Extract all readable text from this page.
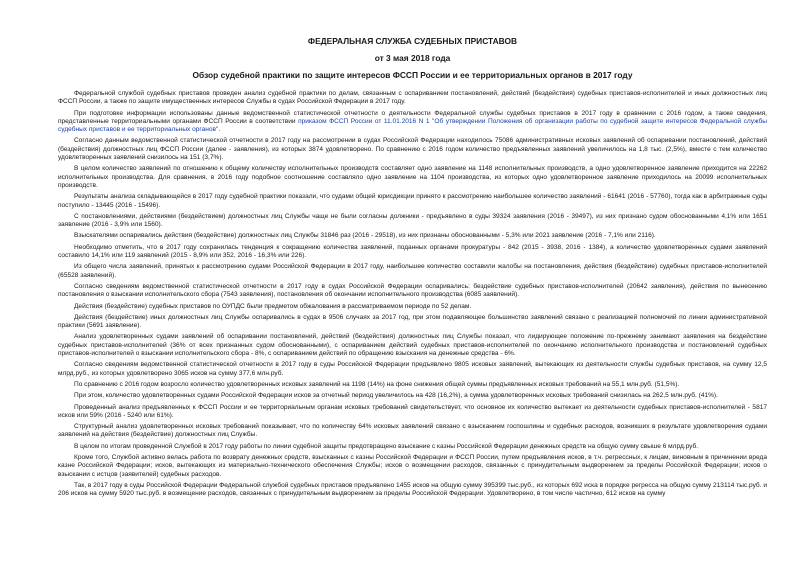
ФЕДЕРАЛЬНАЯ СЛУЖБА СУДЕБНЫХ ПРИСТАВОВ
от 3 мая 2018 года
Обзор судебной практики по защите интересов ФССП России и ее территориальных органов в 2017 году

Федеральной службой судебных приставов проведен анализ судебной практики по делам, связанным с оспариванием постановлений, действий (бездействия) судебных приставов-исполнителей и иных должностных лиц ФССП России, а также по защите имущественных интересов Службы в судах Российской Федерации в 2017 году.

При подготовке информации использованы данные ведомственной статистической отчетности о деятельности Федеральной службы судебных приставов в 2017 году в сравнении с 2016 годом, а также сведения, представленные территориальными органами ФССП России в соответствии приказом ФССП России от 11.01.2016 N 1 "Об утверждении Положения об организации работы по судебной защите интересов Федеральной службы судебных приставов и ее территориальных органов".

Согласно данным ведомственной статистической отчетности в 2017 году на рассмотрении в судах Российской Федерации находилось 75086 административных исковых заявлений об оспаривании постановлений, действий (бездействия) должностных лиц ФССП России (далее - заявления), из которых 3874 удовлетворено. По сравнению с 2016 годом количество предъявленных заявлений увеличилось на 1,8 тыс. (2,5%), вместе с тем количество удовлетворенных заявлений снизилось на 151 (3,7%).

В целом количество заявлений по отношению к общему количеству исполнительных производств составляет одно заявление на 1148 исполнительных производств, а одно удовлетворенное заявление приходится на 22262 исполнительных производства. Для сравнения, в 2016 году подобное соотношение составляло одно заявление на 1104 производства, из которых одно удовлетворенное заявление приходилось на 20099 исполнительных производств.

Результаты анализа складывающейся в 2017 году судебной практики показали, что судами общей юрисдикции принято к рассмотрению наибольшее количество заявлений - 61641 (2016 - 57760), тогда как в арбитражные суды поступило - 13445 (2016 - 15496).

С постановлениями, действиями (бездействием) должностных лиц Службы чаще не были согласны должники - предъявлено в суды 39324 заявления (2016 - 39497), из них признано судом обоснованными 4,1% или 1651 заявление (2016 - 3,9% или 1560).

Взыскателями оспаривались действия (бездействие) должностных лиц Службы 31846 раз (2016 - 29518), из них признаны обоснованными - 5,3% или 2021 заявление (2016 - 7,1% или 2116).

Необходимо отметить, что в 2017 году сохранилась тенденция к сокращению количества заявлений, поданных органами прокуратуры - 842 (2015 - 3938, 2016 - 1384), а количество удовлетворенных судами заявлений составило 14,1% или 119 заявлений (2015 - 8,9% или 352, 2016 - 16,3% или 226).

Из общего числа заявлений, принятых к рассмотрению судами Российской Федерации в 2017 году, наибольшее количество составили жалобы на постановления, действия (бездействие) судебных приставов-исполнителей (65528 заявлений).

Согласно сведениям ведомственной статистической отчетности в 2017 году в судах Российской Федерации оспаривались: бездействие судебных приставов-исполнителей (20642 заявления), действия по вынесению постановления о взыскании исполнительского сбора (7543 заявления), постановления об окончании исполнительного производства (6085 заявлений).

Действия (бездействие) судебных приставов по ОУПДС были предметом обжалования в рассматриваемом периоде по 52 делам.

Действия (бездействие) иных должностных лиц Службы оспаривались в судах в 9506 случаях за 2017 год, при этом подавляющее большинство заявлений связано с реализацией полномочий по линии административной практики (5691 заявление).

Анализ удовлетворенных судами заявлений об оспаривании постановлений, действий (бездействия) должностных лиц Службы показал, что лидирующее положение по-прежнему занимают заявления на бездействие судебных приставов-исполнителей (36% от всех признанных судом обоснованными), с оспариванием действий судебных приставов-исполнителей по окончанию исполнительного производства и постановлений судебных приставов-исполнителей о взыскании исполнительского сбора - 8%, с оспариванием действий по обращению взыскания на денежные средства - 6%.

Согласно сведениям ведомственной статистической отчетности в 2017 году в суды Российской Федерации предъявлено 9805 исковых заявлений, вытекающих из деятельности службы судебных приставов, на сумму 12,5 млрд.руб., из которых удовлетворено 3065 исков на сумму 377,6 млн.руб.

По сравнению с 2016 годом возросло количество удовлетворенных исковых заявлений на 1198 (14%) на фоне снижения общей суммы предъявленных исковых требований на 55,1 млн.руб. (51,5%).

При этом, количество удовлетворенных судами Российской Федерации исков за отчетный период увеличилось на 428 (16,2%), а сумма удовлетворенных исковых требований снизилась на 262,5 млн.руб. (41%).

Проведенный анализ предъявленных к ФССП России и ее территориальным органам исковых требований свидетельствует, что основное их количество вытекает из деятельности судебных приставов-исполнителей - 5817 исков или 59% (2016 - 5240 или 61%).

Структурный анализ удовлетворенных исковых требований показывает, что по количеству 64% исковых заявлений связано с взысканием госпошлины и судебных расходов, возникших в результате удовлетворения судами заявлений на действия (бездействие) должностных лиц Службы.

В целом по итогам проведенной Службой в 2017 году работы по линии судебной защиты предотвращено взыскание с казны Российской Федерации денежных средств на общую сумму свыше 6 млрд.руб.

Кроме того, Службой активно велась работа по возврату денежных средств, взысканных с казны Российской Федерации и ФССП России, путем предъявления исков, в т.ч. регрессных, к лицам, виновным в причинении вреда казне Российской Федерации; исков, вытекающих из материально-технического обеспечения Службы; исков о возмещении расходов, связанных с принудительным выдворением за пределы Российской Федерации; исков о взыскании с истцов (заявителей) судебных расходов.

Так, в 2017 году в суды Российской Федерации Федеральной службой судебных приставов предъявлено 1455 исков на общую сумму 395399 тыс.руб., из которых 692 иска в порядке регресса на общую сумму 213114 тыс.руб. и 206 исков на сумму 5920 тыс.руб. в возмещение расходов, связанных с принудительным выдворением за пределы Российской Федерации. Удовлетворено, в том числе частично, 612 исков на сумму
